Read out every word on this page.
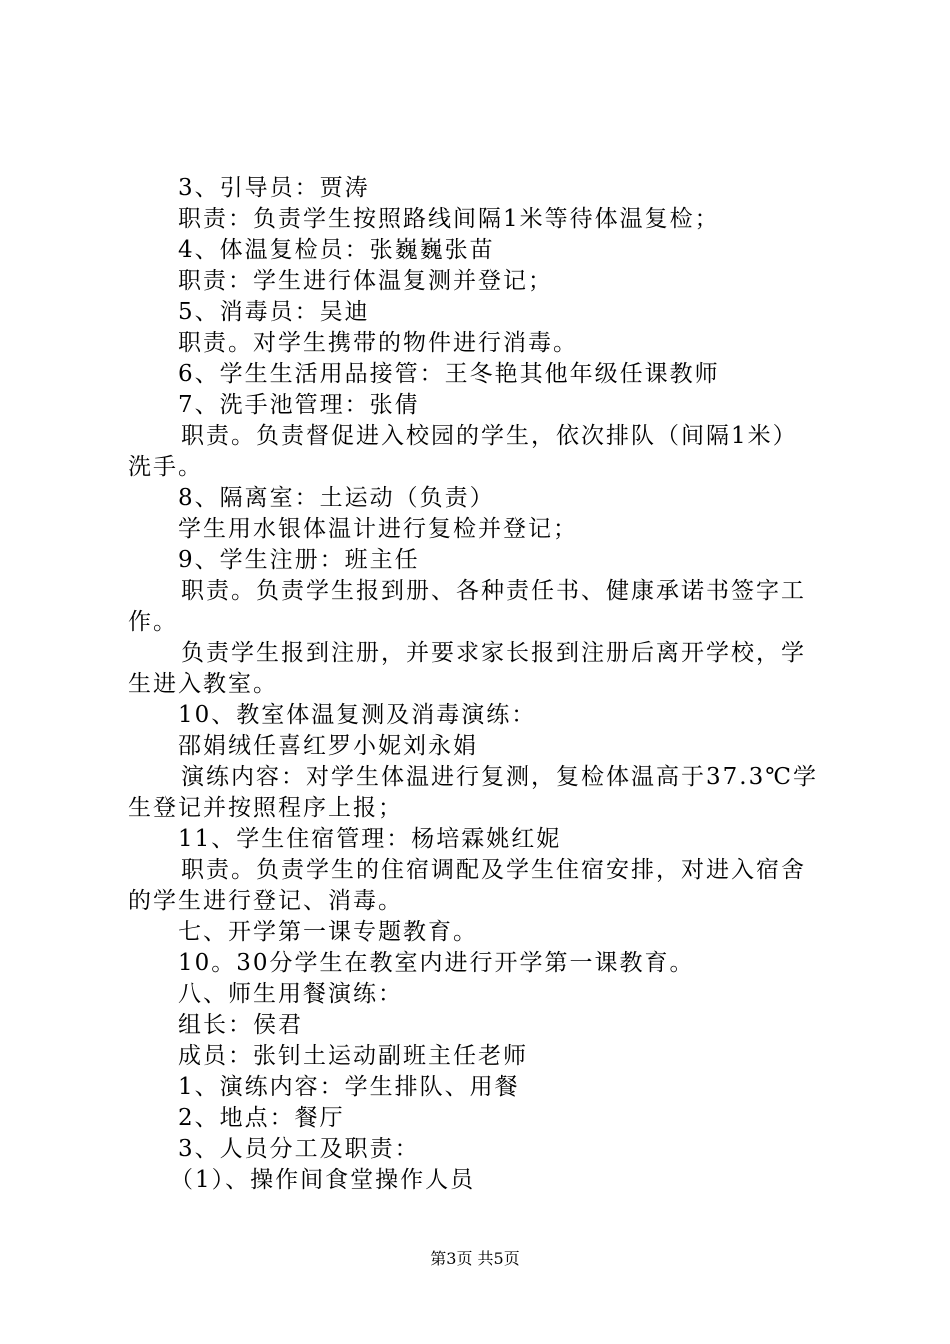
3、引导员：贾涛
职责：负责学生按照路线间隔1米等待体温复检；
4、体温复检员：张巍巍张苗
职责：学生进行体温复测并登记；
5、消毒员：吴迪
职责。对学生携带的物件进行消毒。
6、学生生活用品接管：王冬艳其他年级任课教师
7、洗手池管理：张倩
职责。负责督促进入校园的学生，依次排队（间隔1米）
洗手。
8、隔离室：土运动（负责）
学生用水银体温计进行复检并登记；
9、学生注册：班主任
职责。负责学生报到册、各种责任书、健康承诺书签字工
作。
负责学生报到注册，并要求家长报到注册后离开学校，学
生进入教室。
10、教室体温复测及消毒演练：
邵娟绒任喜红罗小妮刘永娟
演练内容：对学生体温进行复测，复检体温高于37.3℃学
生登记并按照程序上报；
11、学生住宿管理：杨培霖姚红妮
职责。负责学生的住宿调配及学生住宿安排，对进入宿舍
的学生进行登记、消毒。
七、开学第一课专题教育。
10。30分学生在教室内进行开学第一课教育。
八、师生用餐演练：
组长：侯君
成员：张钊土运动副班主任老师
1、演练内容：学生排队、用餐
2、地点：餐厅
3、人员分工及职责：
（1）、操作间食堂操作人员
第3页 共5页
